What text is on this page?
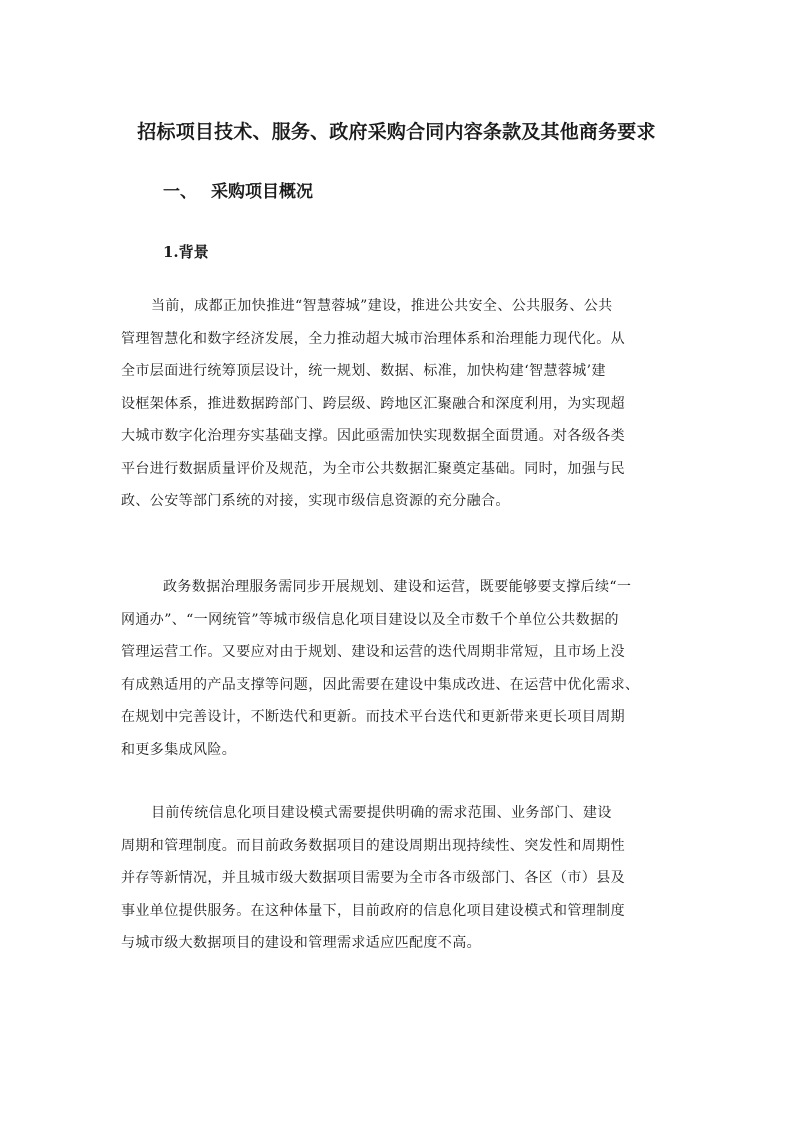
招标项目技术、服务、政府采购合同内容条款及其他商务要求
一、 采购项目概况
1.背景
当前，成都正加快推进“智慧蓉城”建设，推进公共安全、公共服务、公共
管理智慧化和数字经济发展，全力推动超大城市治理体系和治理能力现代化。从
全市层面进行统筹顶层设计，统一规划、数据、标准，加快构建‘智慧蓉城’建
设框架体系，推进数据跨部门、跨层级、跨地区汇聚融合和深度利用，为实现超
大城市数字化治理夯实基础支撑。因此亟需加快实现数据全面贯通。对各级各类
平台进行数据质量评价及规范，为全市公共数据汇聚奠定基础。同时，加强与民
政、公安等部门系统的对接，实现市级信息资源的充分融合。
政务数据治理服务需同步开展规划、建设和运营，既要能够要支撑后续“一
网通办”、“一网统管”等城市级信息化项目建设以及全市数千个单位公共数据的
管理运营工作。又要应对由于规划、建设和运营的迭代周期非常短，且市场上没
有成熟适用的产品支撑等问题，因此需要在建设中集成改进、在运营中优化需求、
在规划中完善设计，不断迭代和更新。而技术平台迭代和更新带来更长项目周期
和更多集成风险。
目前传统信息化项目建设模式需要提供明确的需求范围、业务部门、建设
周期和管理制度。而目前政务数据项目的建设周期出现持续性、突发性和周期性
并存等新情况，并且城市级大数据项目需要为全市各市级部门、各区（市）县及
事业单位提供服务。在这种体量下，目前政府的信息化项目建设模式和管理制度
与城市级大数据项目的建设和管理需求适应匹配度不高。
